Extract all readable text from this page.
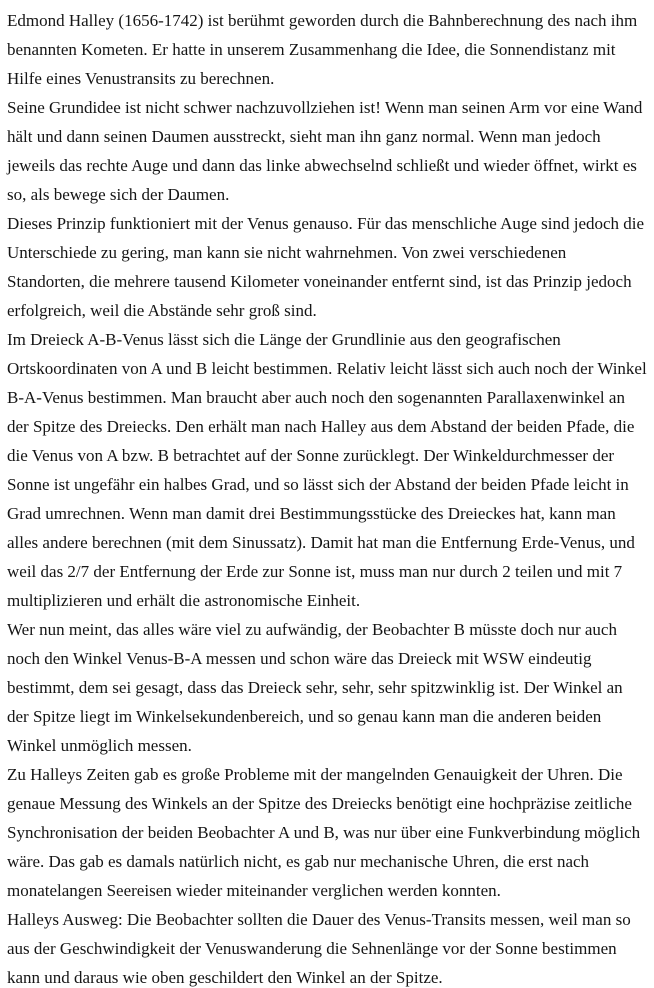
Edmond Halley (1656-1742) ist berühmt geworden durch die Bahnberechnung des nach ihm
benannten Kometen. Er hatte in unserem Zusammenhang die Idee, die Sonnendistanz mit
Hilfe eines Venustransits zu berechnen.
Seine Grundidee ist nicht schwer nachzuvollziehen ist! Wenn man seinen Arm vor eine Wand
hält und dann seinen Daumen ausstreckt, sieht man ihn ganz normal. Wenn man jedoch
jeweils das rechte Auge und dann das linke abwechselnd schließt und wieder öffnet, wirkt es
so, als bewege sich der Daumen.
Dieses Prinzip funktioniert mit der Venus genauso. Für das menschliche Auge sind jedoch die
Unterschiede zu gering, man kann sie nicht wahrnehmen. Von zwei verschiedenen
Standorten, die mehrere tausend Kilometer voneinander entfernt sind, ist das Prinzip jedoch
erfolgreich, weil die Abstände sehr groß sind.
Im Dreieck A-B-Venus lässt sich die Länge der Grundlinie aus den geografischen
Ortskoordinaten von A und B leicht bestimmen. Relativ leicht lässt sich auch noch der Winkel
B-A-Venus bestimmen. Man braucht aber auch noch den sogenannten Parallaxenwinkel an
der Spitze des Dreiecks. Den erhält man nach Halley aus dem Abstand der beiden Pfade, die
die Venus von A bzw. B betrachtet auf der Sonne zurücklegt. Der Winkeldurchmesser der
Sonne ist ungefähr ein halbes Grad, und so lässt sich der Abstand der beiden Pfade leicht in
Grad umrechnen. Wenn man damit drei Bestimmungsstücke des Dreieckes hat, kann man
alles andere berechnen (mit dem Sinussatz). Damit hat man die Entfernung Erde-Venus, und
weil das 2/7 der Entfernung der Erde zur Sonne ist, muss man nur durch 2 teilen und mit 7
multiplizieren und erhält die astronomische Einheit.
Wer nun meint, das alles wäre viel zu aufwändig, der Beobachter B müsste doch nur auch
noch den Winkel Venus-B-A messen und schon wäre das Dreieck mit WSW eindeutig
bestimmt, dem sei gesagt, dass das Dreieck sehr, sehr, sehr spitzwinklig ist. Der Winkel an
der Spitze liegt im Winkelsekundenbereich, und so genau kann man die anderen beiden
Winkel unmöglich messen.
Zu Halleys Zeiten gab es große Probleme mit der mangelnden Genauigkeit der Uhren. Die
genaue Messung des Winkels an der Spitze des Dreiecks benötigt eine hochpräzise zeitliche
Synchronisation der beiden Beobachter A und B, was nur über eine Funkverbindung möglich
wäre. Das gab es damals natürlich nicht, es gab nur mechanische Uhren, die erst nach
monatelangen Seereisen wieder miteinander verglichen werden konnten.
Halleys Ausweg: Die Beobachter sollten die Dauer des Venus-Transits messen, weil man so
aus der Geschwindigkeit der Venuswanderung die Sehnenlänge vor der Sonne bestimmen
kann und daraus wie oben geschildert den Winkel an der Spitze.
